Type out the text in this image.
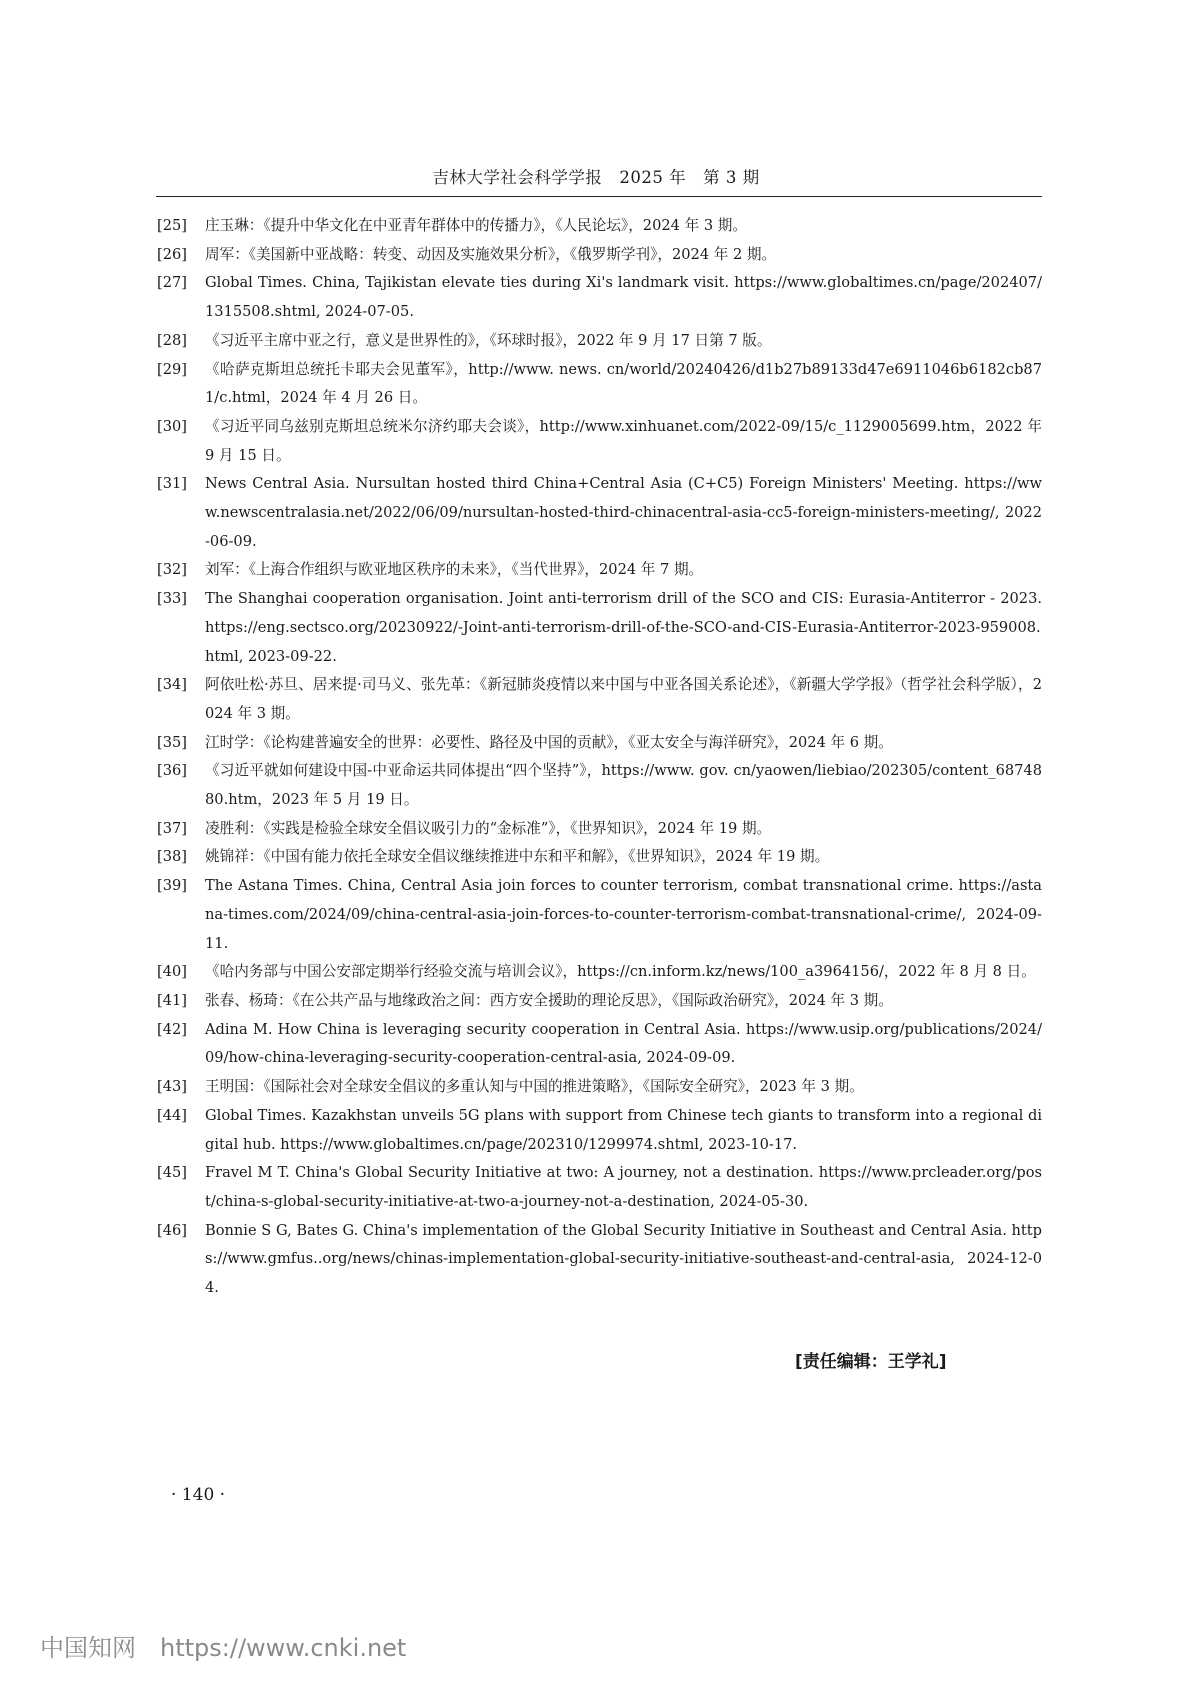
吉林大学社会科学学报　2025 年　第 3 期
[25] 庄玉琳：《提升中华文化在中亚青年群体中的传播力》，《人民论坛》，2024 年 3 期。
[26] 周军：《美国新中亚战略：转变、动因及实施效果分析》，《俄罗斯学刊》，2024 年 2 期。
[27] Global Times. China, Tajikistan elevate ties during Xi's landmark visit. https://www.globaltimes.cn/page/202407/1315508.shtml, 2024-07-05.
[28] 《习近平主席中亚之行，意义是世界性的》，《环球时报》，2022 年 9 月 17 日第 7 版。
[29] 《哈萨克斯坦总统托卡耶夫会见董军》，http://www. news. cn/world/20240426/d1b27b89133d47e6911046b6182cb871/c.html，2024 年 4 月 26 日。
[30] 《习近平同乌兹别克斯坦总统米尔济约耶夫会谈》，http://www.xinhuanet.com/2022-09/15/c_1129005699.htm，2022 年 9 月 15 日。
[31] News Central Asia. Nursultan hosted third China+Central Asia (C+C5) Foreign Ministers' Meeting. https://www.newscentralasia.net/2022/06/09/nursultan-hosted-third-chinacentral-asia-cc5-foreign-ministers-meeting/, 2022-06-09.
[32] 刘军：《上海合作组织与欧亚地区秩序的未来》，《当代世界》，2024 年 7 期。
[33] The Shanghai cooperation organisation. Joint anti-terrorism drill of the SCO and CIS: Eurasia-Antiterror - 2023. https://eng.sectsco.org/20230922/-Joint-anti-terrorism-drill-of-the-SCO-and-CIS-Eurasia-Antiterror-2023-959008.html, 2023-09-22.
[34] 阿依吐松·苏旦、居来提·司马义、张先革：《新冠肺炎疫情以来中国与中亚各国关系论述》，《新疆大学学报》（哲学社会科学版），2024 年 3 期。
[35] 江时学：《论构建普遍安全的世界：必要性、路径及中国的贡献》，《亚太安全与海洋研究》，2024 年 6 期。
[36] 《习近平就如何建设中国-中亚命运共同体提出“四个坚持”》，https://www. gov. cn/yaowen/liebiao/202305/content_6874880.htm，2023 年 5 月 19 日。
[37] 凌胜利：《实践是检验全球安全倡议吸引力的“金标准”》，《世界知识》，2024 年 19 期。
[38] 姚锦祥：《中国有能力依托全球安全倡议继续推进中东和平和解》，《世界知识》，2024 年 19 期。
[39] The Astana Times. China, Central Asia join forces to counter terrorism, combat transnational crime. https://astana-times.com/2024/09/china-central-asia-join-forces-to-counter-terrorism-combat-transnational-crime/, 2024-09-11.
[40] 《哈内务部与中国公安部定期举行经验交流与培训会议》，https://cn.inform.kz/news/100_a3964156/，2022 年 8 月 8 日。
[41] 张春、杨琦：《在公共产品与地缘政治之间：西方安全援助的理论反思》，《国际政治研究》，2024 年 3 期。
[42] Adina M. How China is leveraging security cooperation in Central Asia. https://www.usip.org/publications/2024/09/how-china-leveraging-security-cooperation-central-asia, 2024-09-09.
[43] 王明国：《国际社会对全球安全倡议的多重认知与中国的推进策略》，《国际安全研究》，2023 年 3 期。
[44] Global Times. Kazakhstan unveils 5G plans with support from Chinese tech giants to transform into a regional digital hub. https://www.globaltimes.cn/page/202310/1299974.shtml, 2023-10-17.
[45] Fravel M T. China's Global Security Initiative at two: A journey, not a destination. https://www.prcleader.org/post/china-s-global-security-initiative-at-two-a-journey-not-a-destination, 2024-05-30.
[46] Bonnie S G, Bates G. China's implementation of the Global Security Initiative in Southeast and Central Asia. https://www.gmfus..org/news/chinas-implementation-global-security-initiative-southeast-and-central-asia, 2024-12-04.
[责任编辑：王学礼]
· 140 ·
中国知网 https://www.cnki.net
